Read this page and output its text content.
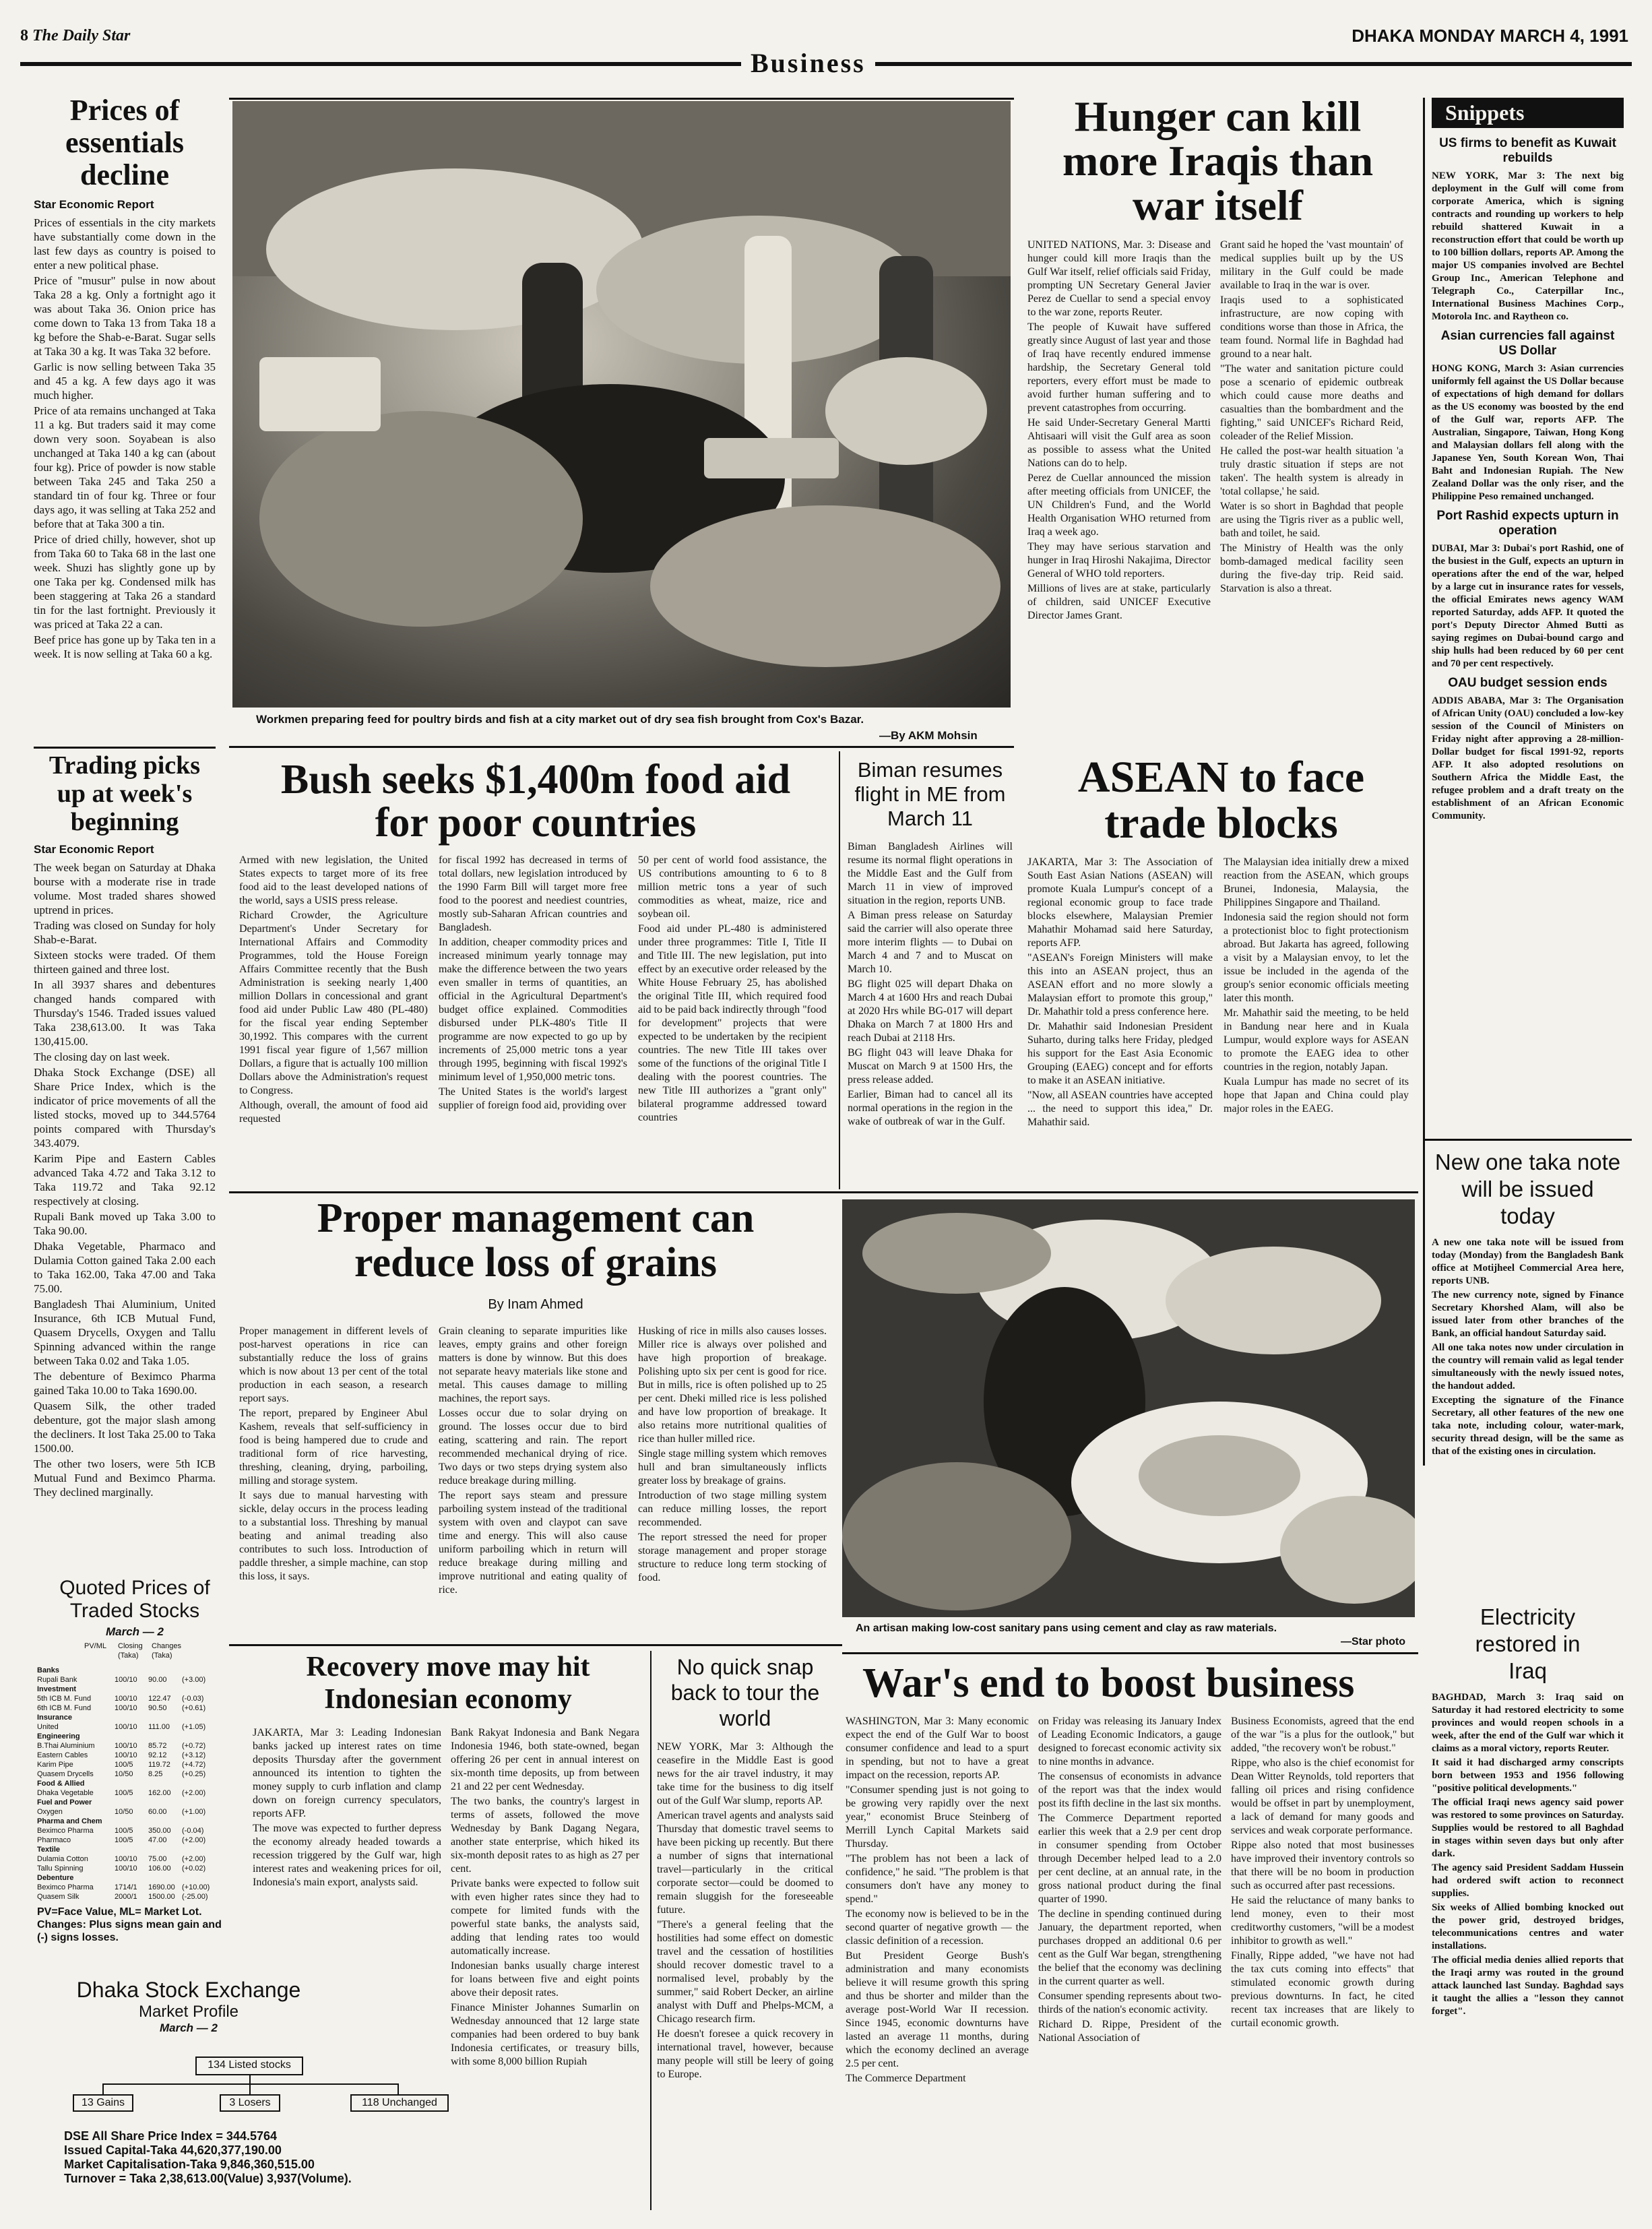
8 The Daily Star
Business
DHAKA MONDAY MARCH 4, 1991
Prices of essentials decline
Star Economic Report

Prices of essentials in the city markets have substantially come down in the last few days as country is poised to enter a new political phase.

Price of "musur" pulse in now about Taka 28 a kg. Only a fortnight ago it was about Taka 36. Onion price has come down to Taka 13 from Taka 18 a kg before the Shab-e-Barat. Sugar sells at Taka 30 a kg. It was Taka 32 before.

Garlic is now selling between Taka 35 and 45 a kg. A few days ago it was much higher.

Price of ata remains unchanged at Taka 11 a kg. But traders said it may come down very soon. Soyabean is also unchanged at Taka 140 a kg can (about four kg). Price of powder is now stable between Taka 245 and Taka 250 a standard tin of four kg. Three or four days ago, it was selling at Taka 252 and before that at Taka 300 a tin.

Price of dried chilly, however, shot up from Taka 60 to Taka 68 in the last one week. Shuzi has slightly gone up by one Taka per kg. Condensed milk has been staggering at Taka 26 a standard tin for the last fortnight. Previously it was priced at Taka 22 a can.

Beef price has gone up by Taka ten in a week. It is now selling at Taka 60 a kg.

Trading picks up at week's beginning
Star Economic Report

The week began on Saturday at Dhaka bourse with a moderate rise in trade volume. Most traded shares showed uptrend in prices.

Trading was closed on Sunday for holy Shab-e-Barat.

Sixteen stocks were traded. Of them thirteen gained and three lost.

In all 3937 shares and debentures changed hands compared with Thursday's 1546. Traded issues valued Taka 238,613.00. It was Taka 130,415.00.

The closing day on last week.

Dhaka Stock Exchange (DSE) all Share Price Index, which is the indicator of price movements of all the listed stocks, moved up to 344.5764 points compared with Thursday's 343.4079.

Karim Pipe and Eastern Cables advanced Taka 4.72 and Taka 3.12 to Taka 119.72 and Taka 92.12 respectively at closing.

Rupali Bank moved up Taka 3.00 to Taka 90.00.

Dhaka Vegetable, Pharmaco and Dulamia Cotton gained Taka 2.00 each to Taka 162.00, Taka 47.00 and Taka 75.00.

Bangladesh Thai Aluminium, United Insurance, 6th ICB Mutual Fund, Quasem Drycells, Oxygen and Tallu Spinning advanced within the range between Taka 0.02 and Taka 1.05.

The debenture of Beximco Pharma gained Taka 10.00 to Taka 1690.00.

Quasem Silk, the other traded debenture, got the major slash among the decliners. It lost Taka 25.00 to Taka 1500.00.

The other two losers, were 5th ICB Mutual Fund and Beximco Pharma. They declined marginally.

Quoted Prices of Traded Stocks
March — 2
PV/ML	Closing	Changes
(Taka)	(Taka)
Banks
Rupali Bank	100/10	90.00	(+3.00)
Investment
5th ICB M. Fund	100/10	122.47	(-0.03)
6th ICB M. Fund	100/10	90.50	(+0.61)
Insurance
United	100/10	111.00	(+1.05)
Engineering
B.Thai Aluminium	100/10	85.72	(+0.72)
Eastern Cables	100/10	92.12	(+3.12)
Karim Pipe	100/5	119.72	(+4.72)
Quasem Drycells	10/50	8.25	(+0.25)
Food & Allied
Dhaka Vegetable	100/5	162.00	(+2.00)
Fuel and Power
Oxygen	10/50	60.00	(+1.00)
Pharma and Chem
Beximco Pharma	100/5	350.00	(-0.04)
Pharmaco	100/5	47.00	(+2.00)
Textile
Dulamia Cotton	100/10	75.00	(+2.00)
Tallu Spinning	100/10	106.00	(+0.02)
Debenture
Beximco Pharma	1714/1	1690.00 (+10.00)
Quasem Silk	2000/1	1500.00 (-25.00)
PV=Face Value, ML= Market Lot. Changes: Plus signs mean gain and (-) signs losses.
Dhaka Stock Exchange
Market Profile
March — 2
134 Listed stocks
13 Gains	3 Losers	118 Unchanged
DSE All Share Price Index = 344.5764
Issued Capital-Taka 44,620,377,190.00
Market Capitalisation-Taka 9,846,360,515.00
Turnover = Taka 2,38,613.00(Value) 3,937(Volume).
Workmen preparing feed for poultry birds and fish at a city market out of dry sea fish brought from Cox's Bazar.
—By AKM Mohsin
Hunger can kill more Iraqis than war itself

UNITED NATIONS, Mar. 3: Disease and hunger could kill more Iraqis than the Gulf War itself, relief officials said Friday, prompting UN Secretary General Javier Perez de Cuellar to send a special envoy to the war zone, reports Reuter.

The people of Kuwait have suffered greatly since August of last year and those of Iraq have recently endured immense hardship, the Secretary General told reporters, every effort must be made to avoid further human suffering and to prevent catastrophes from occurring.

He said Under-Secretary General Martti Ahtisaari will visit the Gulf area as soon as possible to assess what the United Nations can do to help.

Perez de Cuellar announced the mission after meeting officials from UNICEF, the UN Children's Fund, and the World Health Organisation WHO returned from Iraq a week ago.

They may have serious starvation and hunger in Iraq Hiroshi Nakajima, Director General of WHO told reporters.

Millions of lives are at stake, particularly of children, said UNICEF Executive Director James Grant.

Grant said he hoped the 'vast mountain' of medical supplies built up by the US military in the Gulf could be made available to Iraq in the war is over.

Iraqis used to a sophisticated infrastructure, are now coping with conditions worse than those in Africa, the team found. Normal life in Baghdad had ground to a near halt.

"The water and sanitation picture could pose a scenario of epidemic outbreak which could cause more deaths and casualties than the bombardment and the fighting," said UNICEF's Richard Reid, coleader of the Relief Mission.

He called the post-war health situation 'a truly drastic situation if steps are not taken'. The health system is already in 'total collapse,' he said.

Water is so short in Baghdad that people are using the Tigris river as a public well, bath and toilet, he said.

The Ministry of Health was the only bomb-damaged medical facility seen during the five-day trip. Reid said. Starvation is also a threat.

Snippets
US firms to benefit as Kuwait rebuilds
NEW YORK, Mar 3: The next big deployment in the Gulf will come from corporate America, which is signing contracts and rounding up workers to help rebuild shattered Kuwait in a reconstruction effort that could be worth up to 100 billion dollars, reports AP. Among the major US companies involved are Bechtel Group Inc., American Telephone and Telegraph Co., Caterpillar Inc., International Business Machines Corp., Motorola Inc. and Raytheon co.
Asian currencies fall against US Dollar
HONG KONG, March 3: Asian currencies uniformly fell against the US Dollar because of expectations of high demand for dollars as the US economy was boosted by the end of the Gulf war, reports AFP. The Australian, Singapore, Taiwan, Hong Kong and Malaysian dollars fell along with the Japanese Yen, South Korean Won, Thai Baht and Indonesian Rupiah. The New Zealand Dollar was the only riser, and the Philippine Peso remained unchanged.
Port Rashid expects upturn in operation
DUBAI, Mar 3: Dubai's port Rashid, one of the busiest in the Gulf, expects an upturn in operations after the end of the war, helped by a large cut in insurance rates for vessels, the official Emirates news agency WAM reported Saturday, adds AFP. It quoted the port's Deputy Director Ahmed Butti as saying regimes on Dubai-bound cargo and ship hulls had been reduced by 60 per cent and 70 per cent respectively.
OAU budget session ends
ADDIS ABABA, Mar 3: The Organisation of African Unity (OAU) concluded a low-key session of the Council of Ministers on Friday night after approving a 28-million-Dollar budget for fiscal 1991-92, reports AFP. It also adopted resolutions on Southern Africa the Middle East, the refugee problem and a draft treaty on the establishment of an African Economic Community.
Bush seeks $1,400m food aid for poor countries

Armed with new legislation, the United States expects to target more of its free food aid to the least developed nations of the world, says a USIS press release.

Richard Crowder, the Agriculture Department's Under Secretary for International Affairs and Commodity Programmes, told the House Foreign Affairs Committee recently that the Bush Administration is seeking nearly 1,400 million Dollars in concessional and grant food aid under Public Law 480 (PL-480) for the fiscal year ending September 30,1992. This compares with the current 1991 fiscal year figure of 1,567 million Dollars, a figure that is actually 100 million Dollars above the Administration's request to Congress.

Although, overall, the amount of food aid requested

for fiscal 1992 has decreased in terms of total dollars, new legislation introduced by the 1990 Farm Bill will target more free food to the poorest and neediest countries, mostly sub-Saharan African countries and Bangladesh.

In addition, cheaper commodity prices and increased minimum yearly tonnage may make the difference between the two years even smaller in terms of quantities, an official in the Agricultural Department's budget office explained. Commodities disbursed under PLK-480's Title II programme are now expected to go up by increments of 25,000 metric tons a year through 1995, beginning with fiscal 1992's minimum level of 1,950,000 metric tons.

The United States is the world's largest supplier of foreign food aid, providing over

50 per cent of world food assistance, the US contributions amounting to 6 to 8 million metric tons a year of such commodities as wheat, maize, rice and soybean oil.

Food aid under PL-480 is administered under three programmes: Title I, Title II and Title III. The new legislation, put into effect by an executive order released by the White House February 25, has abolished the original Title III, which required food aid to be paid back indirectly through "food for development" projects that were expected to be undertaken by the recipient countries. The new Title III takes over some of the functions of the original Title I dealing with the poorest countries. The new Title III authorizes a "grant only" bilateral programme addressed toward countries

Biman resumes flight in ME from March 11

Biman Bangladesh Airlines will resume its normal flight operations in the Middle East and the Gulf from March 11 in view of improved situation in the region, reports UNB.

A Biman press release on Saturday said the carrier will also operate three more interim flights — to Dubai on March 4 and 7 and to Muscat on March 10.

BG flight 025 will depart Dhaka on March 4 at 1600 Hrs and reach Dubai at 2020 Hrs while BG-017 will depart Dhaka on March 7 at 1800 Hrs and reach Dubai at 2118 Hrs.

BG flight 043 will leave Dhaka for Muscat on March 9 at 1500 Hrs, the press release added.

Earlier, Biman had to cancel all its normal operations in the region in the wake of outbreak of war in the Gulf.

ASEAN to face trade blocks

JAKARTA, Mar 3: The Association of South East Asian Nations (ASEAN) will promote Kuala Lumpur's concept of a regional economic group to face trade blocks elsewhere, Malaysian Premier Mahathir Mohamad said here Saturday, reports AFP.

"ASEAN's Foreign Ministers will make this into an ASEAN project, thus an ASEAN effort and no more slowly a Malaysian effort to promote this group," Dr. Mahathir told a press conference here.

Dr. Mahathir said Indonesian President Suharto, during talks here Friday, pledged his support for the East Asia Economic Grouping (EAEG) concept and for efforts to make it an ASEAN initiative.

"Now, all ASEAN countries have accepted ... the need to support this idea," Dr. Mahathir said.

The Malaysian idea initially drew a mixed reaction from the ASEAN, which groups Brunei, Indonesia, Malaysia, the Philippines Singapore and Thailand.

Indonesia said the region should not form a protectionist bloc to fight protectionism abroad. But Jakarta has agreed, following a visit by a Malaysian envoy, to let the issue be included in the agenda of the group's senior economic officials meeting later this month.

Mr. Mahathir said the meeting, to be held in Bandung near here and in Kuala Lumpur, would explore ways for ASEAN to promote the EAEG idea to other countries in the region, notably Japan.

Kuala Lumpur has made no secret of its hope that Japan and China could play major roles in the EAEG.

New one taka note will be issued today

A new one taka note will be issued from today (Monday) from the Bangladesh Bank office at Motijheel Commercial Area here, reports UNB.

The new currency note, signed by Finance Secretary Khorshed Alam, will also be issued later from other branches of the Bank, an official handout Saturday said.

All one taka notes now under circulation in the country will remain valid as legal tender simultaneously with the newly issued notes, the handout added.

Excepting the signature of the Finance Secretary, all other features of the new one taka note, including colour, water-mark, security thread design, will be the same as that of the existing ones in circulation.

Proper management can reduce loss of grains
By Inam Ahmed

Proper management in different levels of post-harvest operations in rice can substantially reduce the loss of grains which is now about 13 per cent of the total production in each season, a research report says.

The report, prepared by Engineer Abul Kashem, reveals that self-sufficiency in food is being hampered due to crude and traditional form of rice harvesting, threshing, cleaning, drying, parboiling, milling and storage system.

It says due to manual harvesting with sickle, delay occurs in the process leading to a substantial loss. Threshing by manual beating and animal treading also contributes to such loss. Introduction of paddle thresher, a simple machine, can stop this loss, it says.

Grain cleaning to separate impurities like leaves, empty grains and other foreign matters is done by winnow. But this does not separate heavy materials like stone and metal. This causes damage to milling machines, the report says.

Losses occur due to solar drying on ground. The losses occur due to bird eating, scattering and rain. The report recommended mechanical drying of rice. Two days or two steps drying system also reduce breakage during milling.

The report says steam and pressure parboiling system instead of the traditional system with oven and claypot can save time and energy. This will also cause uniform parboiling which in return will reduce breakage during milling and improve nutritional and eating quality of rice.

Husking of rice in mills also causes losses. Miller rice is always over polished and have high proportion of breakage. Polishing upto six per cent is good for rice. But in mills, rice is often polished up to 25 per cent. Dheki milled rice is less polished and have low proportion of breakage. It also retains more nutritional qualities of rice than huller milled rice.

Single stage milling system which removes hull and bran simultaneously inflicts greater loss by breakage of grains.

Introduction of two stage milling system can reduce milling losses, the report recommended.

The report stressed the need for proper storage management and proper storage structure to reduce long term stocking of food.

An artisan making low-cost sanitary pans using cement and clay as raw materials.
—Star photo
Electricity restored in Iraq

BAGHDAD, March 3: Iraq said on Saturday it had restored electricity to some provinces and would reopen schools in a week, after the end of the Gulf war which it claims as a moral victory, reports Reuter.

It said it had discharged army conscripts born between 1953 and 1956 following "positive political developments."

The official Iraqi news agency said power was restored to some provinces on Saturday. Supplies would be restored to all Baghdad in stages within seven days but only after dark.

The agency said President Saddam Hussein had ordered swift action to reconnect supplies.

Six weeks of Allied bombing knocked out the power grid, destroyed bridges, telecommunications centres and water installations.

The official media denies allied reports that the Iraqi army was routed in the ground attack launched last Sunday. Baghdad says it taught the allies a "lesson they cannot forget".

Recovery move may hit Indonesian economy

JAKARTA, Mar 3: Leading Indonesian banks jacked up interest rates on time deposits Thursday after the government announced its intention to tighten the money supply to curb inflation and clamp down on foreign currency speculators, reports AFP.

The move was expected to further depress the economy already headed towards a recession triggered by the Gulf war, high interest rates and weakening prices for oil, Indonesia's main export, analysts said.

Bank Rakyat Indonesia and Bank Negara Indonesia 1946, both state-owned, began offering 26 per cent in annual interest on six-month time deposits, up from between 21 and 22 per cent Wednesday.

The two banks, the country's largest in terms of assets, followed the move Wednesday by Bank Dagang Negara, another state enterprise, which hiked its six-month deposit rates to as high as 27 per cent.

Private banks were expected to follow suit with even higher rates since they had to compete for limited funds with the powerful state banks, the analysts said, adding that lending rates too would automatically increase.

Indonesian banks usually charge interest for loans between five and eight points above their deposit rates.

Finance Minister Johannes Sumarlin on Wednesday announced that 12 large state companies had been ordered to buy bank Indonesia certificates, or treasury bills, with some 8,000 billion Rupiah

No quick snap back to tour the world

NEW YORK, Mar 3: Although the ceasefire in the Middle East is good news for the air travel industry, it may take time for the business to dig itself out of the Gulf War slump, reports AP.

American travel agents and analysts said Thursday that domestic travel seems to have been picking up recently. But there a number of signs that international travel—particularly in the critical corporate sector—could be doomed to remain sluggish for the foreseeable future.

"There's a general feeling that the hostilities had some effect on domestic travel and the cessation of hostilities should recover domestic travel to a normalised level, probably by the summer," said Robert Decker, an airline analyst with Duff and Phelps-MCM, a Chicago research firm.

He doesn't foresee a quick recovery in international travel, however, because many people will still be leery of going to Europe.

War's end to boost business

WASHINGTON, Mar 3: Many economic expect the end of the Gulf War to boost consumer confidence and lead to a spurt in spending, but not to have a great impact on the recession, reports AP.

"Consumer spending just is not going to be growing very rapidly over the next year," economist Bruce Steinberg of Merrill Lynch Capital Markets said Thursday.

"The problem has not been a lack of confidence," he said. "The problem is that consumers don't have any money to spend."

The economy now is believed to be in the second quarter of negative growth — the classic definition of a recession.

But President George Bush's administration and many economists believe it will resume growth this spring and thus be shorter and milder than the average post-World War II recession. Since 1945, economic downturns have lasted an average 11 months, during which the economy declined an average 2.5 per cent.

The Commerce Department

on Friday was releasing its January Index of Leading Economic Indicators, a gauge designed to forecast economic activity six to nine months in advance.

The consensus of economists in advance of the report was that the index would post its fifth decline in the last six months.

The Commerce Department reported earlier this week that a 2.9 per cent drop in consumer spending from October through December helped lead to a 2.0 per cent decline, at an annual rate, in the gross national product during the final quarter of 1990.

The decline in spending continued during January, the department reported, when purchases dropped an additional 0.6 per cent as the Gulf War began, strengthening the belief that the economy was declining in the current quarter as well.

Consumer spending represents about two-thirds of the nation's economic activity.

Richard D. Rippe, President of the National Association of

Business Economists, agreed that the end of the war "is a plus for the outlook," but added, "the recovery won't be robust."

Rippe, who also is the chief economist for Dean Witter Reynolds, told reporters that falling oil prices and rising confidence would be offset in part by unemployment, a lack of demand for many goods and services and weak corporate performance.

Rippe also noted that most businesses have improved their inventory controls so that there will be no boom in production such as occurred after past recessions.

He said the reluctance of many banks to lend money, even to their most creditworthy customers, "will be a modest inhibitor to growth as well."

Finally, Rippe added, "we have not had the tax cuts coming into effects" that stimulated economic growth during previous downturns. In fact, he cited recent tax increases that are likely to curtail economic growth.
